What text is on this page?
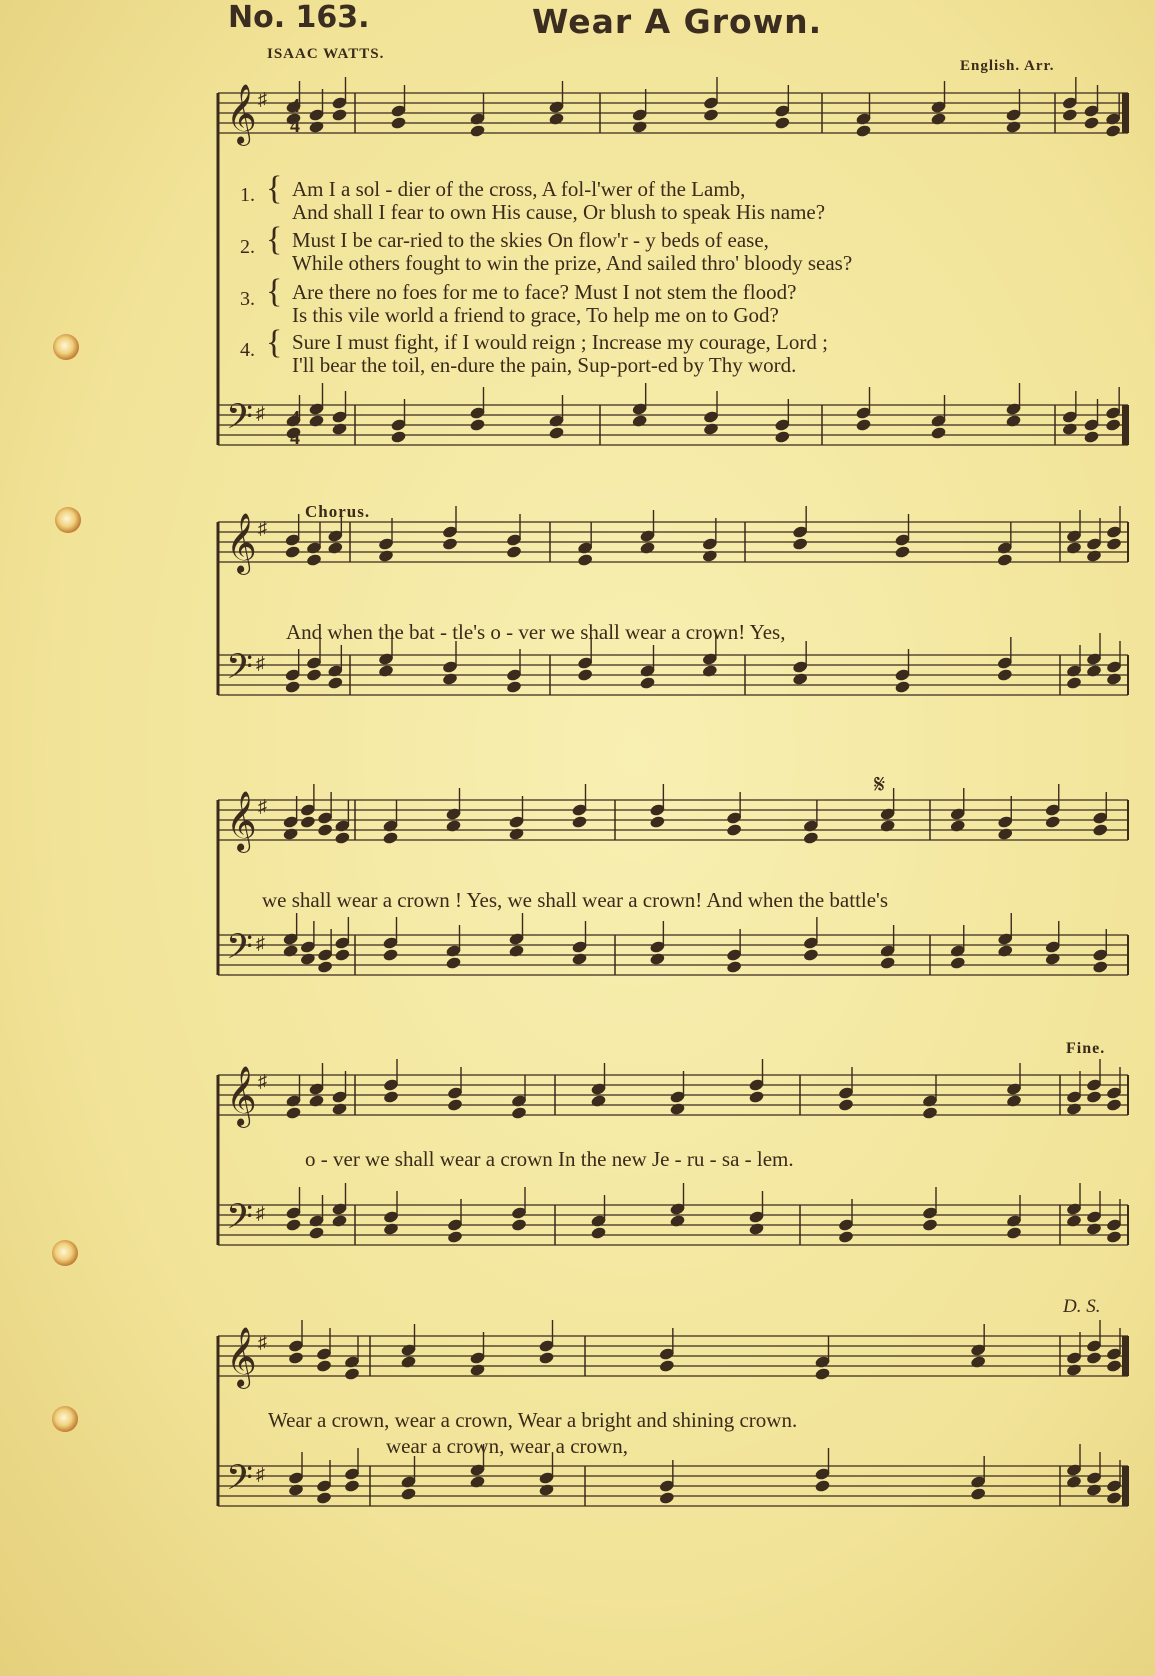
No. 163.	Wear A Grown.
ISAAC WATTS.
English. Arr.
𝄞
𝄢
♯
♯
𝄞
𝄢
♯
♯
𝄞
𝄢
♯
♯
𝄞
𝄢
♯
♯
𝄞
𝄢
♯
♯
4
4
4
4
1. { Am I a sol - dier of the cross, A fol-l'wer of the Lamb,
And shall I fear to own His cause, Or blush to speak His name?
2. { Must I be car-ried to the skies On flow'r - y beds of ease,
While others fought to win the prize, And sailed thro' bloody seas?
3. { Are there no foes for me to face? Must I not stem the flood?
Is this vile world a friend to grace, To help me on to God?
4. { Sure I must fight, if I would reign ; Increase my courage, Lord ;
I'll bear the toil, en-dure the pain, Sup-port-ed by Thy word.
Chorus.
And when the bat - tle's o - ver we shall wear a crown! Yes,
𝄋
we shall wear a crown ! Yes, we shall wear a crown! And when the battle's
Fine.
o - ver we shall wear a crown In the new Je - ru - sa - lem.
D. S.
Wear a crown, wear a crown, Wear a bright and shining crown.
wear a crown, wear a crown,
